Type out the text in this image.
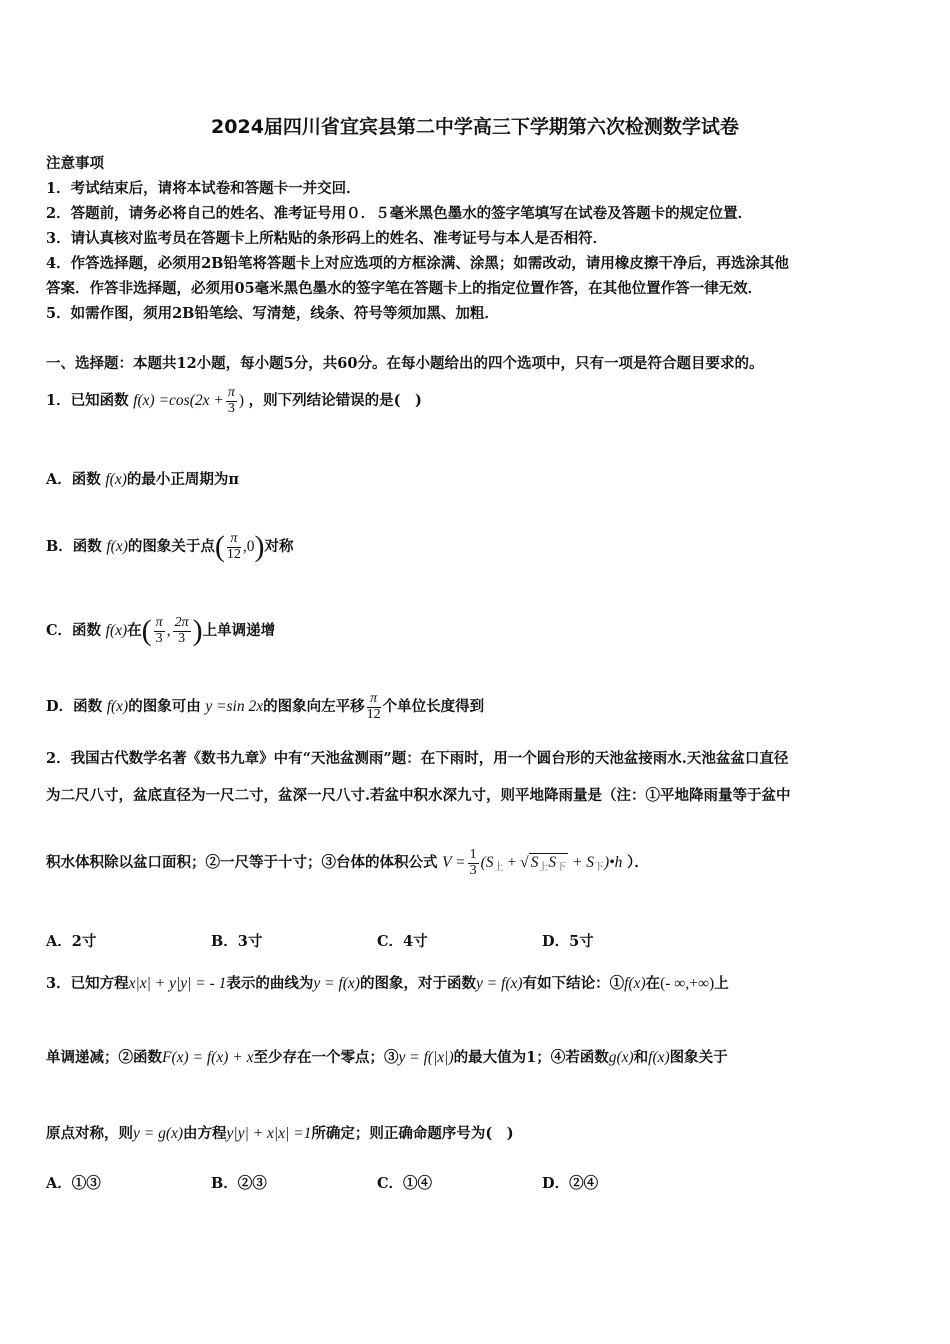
2024届四川省宜宾县第二中学高三下学期第六次检测数学试卷
注意事项
1．考试结束后，请将本试卷和答题卡一并交回．
2．答题前，请务必将自己的姓名、准考证号用０．５毫米黑色墨水的签字笔填写在试卷及答题卡的规定位置．
3．请认真核对监考员在答题卡上所粘贴的条形码上的姓名、准考证号与本人是否相符．
4．作答选择题，必须用2B铅笔将答题卡上对应选项的方框涂满、涂黑；如需改动，请用橡皮擦干净后，再选涂其他
答案．作答非选择题，必须用05毫米黑色墨水的签字笔在答题卡上的指定位置作答，在其他位置作答一律无效．
5．如需作图，须用2B铅笔绘、写清楚，线条、符号等须加黑、加粗．
一、选择题：本题共12小题，每小题5分，共60分。在每小题给出的四个选项中，只有一项是符合题目要求的。
1．已知函数 $f(x) =\cos(2x + \frac{\pi}{3}$ ) ，则下列结论错误的是(　)
A．函数 f(x)的最小正周期为π
B．函数 f(x)的图象关于点( $\frac{\pi}{12} ,0$)对称
C．函数 f(x)在( $\frac{\pi}{3}$ , $\frac{2\pi}{3}$ )上单调递增
D．函数 f(x)的图象可由 y =sin 2x的图象向左平移 $\frac{\pi}{12}$ 个单位长度得到
2．我国古代数学名著《数书九章》中有“天池盆测雨”题：在下雨时，用一个圆台形的天池盆接雨水.天池盆盆口直径
为二尺八寸，盆底直径为一尺二寸，盆深一尺八寸.若盆中积水深九寸，则平地降雨量是（注：①平地降雨量等于盆中
积水体积除以盆口面积；②一尺等于十寸；③台体的体积公式 $V = \frac{1}{3} (S_上$ + √ $S_上S_下$ + $S_下)•h$ ）．
A．2寸	B．3寸	C．4寸	D．5寸
3．已知方程x|x| + y|y| = - 1表示的曲线为y = f(x)的图象，对于函数y = f(x)有如下结论：①f(x)在(- ∞,+∞)上
单调递减；②函数F(x) = f(x) + x至少存在一个零点；③y = f(|x|)的最大值为1；④若函数g(x)和f(x)图象关于
原点对称，则y = g(x)由方程y|y| + x|x| =1所确定；则正确命题序号为(　)
A．①③	B．②③	C．①④	D．②④
